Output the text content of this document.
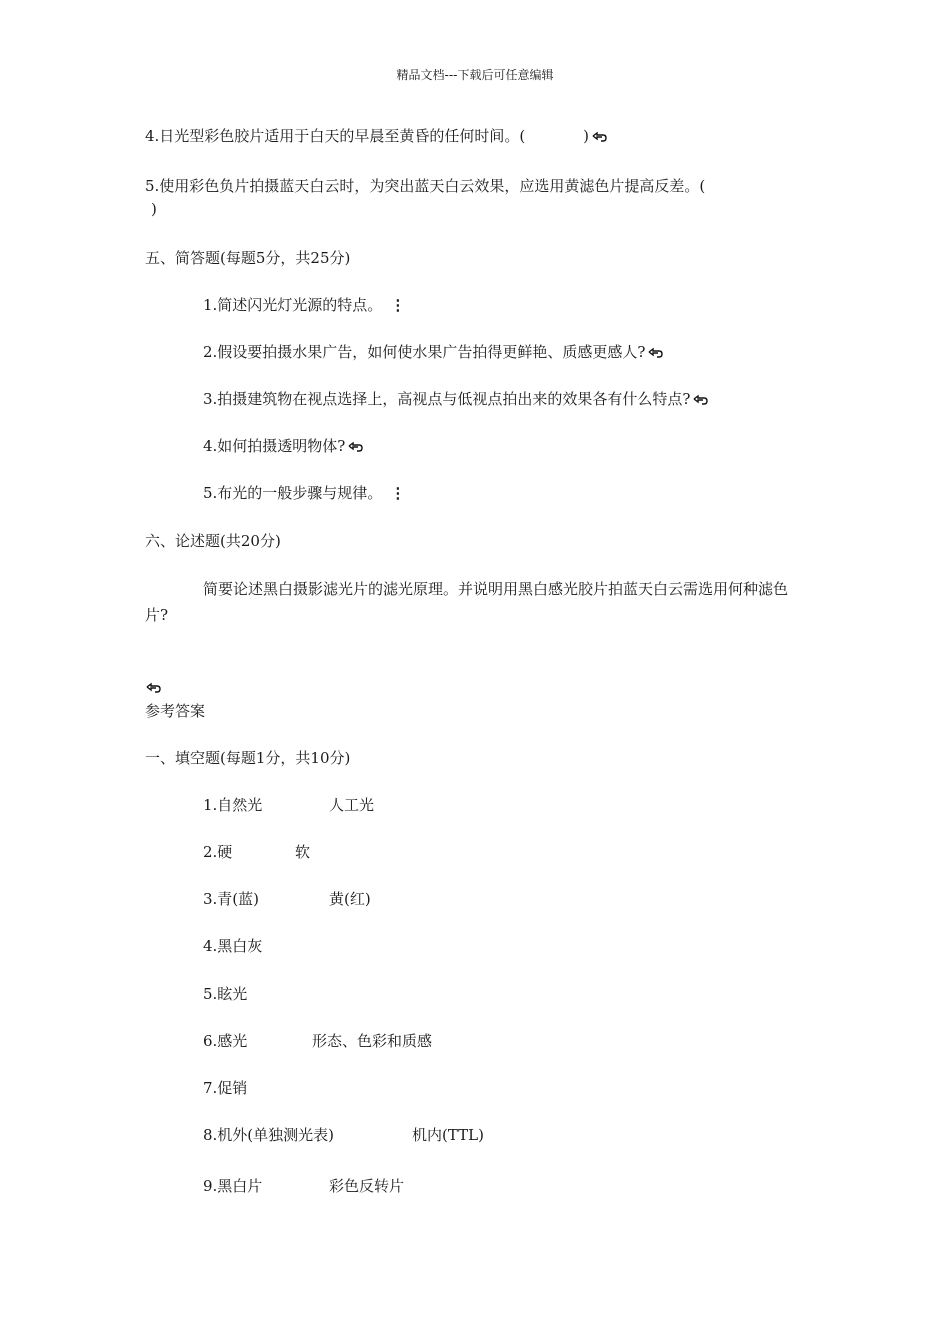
精品文档---下载后可任意编辑
4.日光型彩色胶片适用于白天的早晨至黄昏的任何时间。(	)
5.使用彩色负片拍摄蓝天白云时，为突出蓝天白云效果，应选用黄滤色片提高反差。(
)
五、简答题(每题5分，共25分)
1.简述闪光灯光源的特点。 ⋮
2.假设要拍摄水果广告，如何使水果广告拍得更鲜艳、质感更感人?
3.拍摄建筑物在视点选择上，高视点与低视点拍出来的效果各有什么特点?
4.如何拍摄透明物体?
5.布光的一般步骤与规律。 ⋮
六、论述题(共20分)
简要论述黑白摄影滤光片的滤光原理。并说明用黑白感光胶片拍蓝天白云需选用何种滤色片?
参考答案
一、填空题(每题1分，共10分)
1.自然光	人工光
2.硬	软
3.青(蓝)	黄(红)
4.黑白灰
5.眩光
6.感光	形态、色彩和质感
7.促销
8.机外(单独测光表)	机内(TTL)
9.黑白片	彩色反转片
